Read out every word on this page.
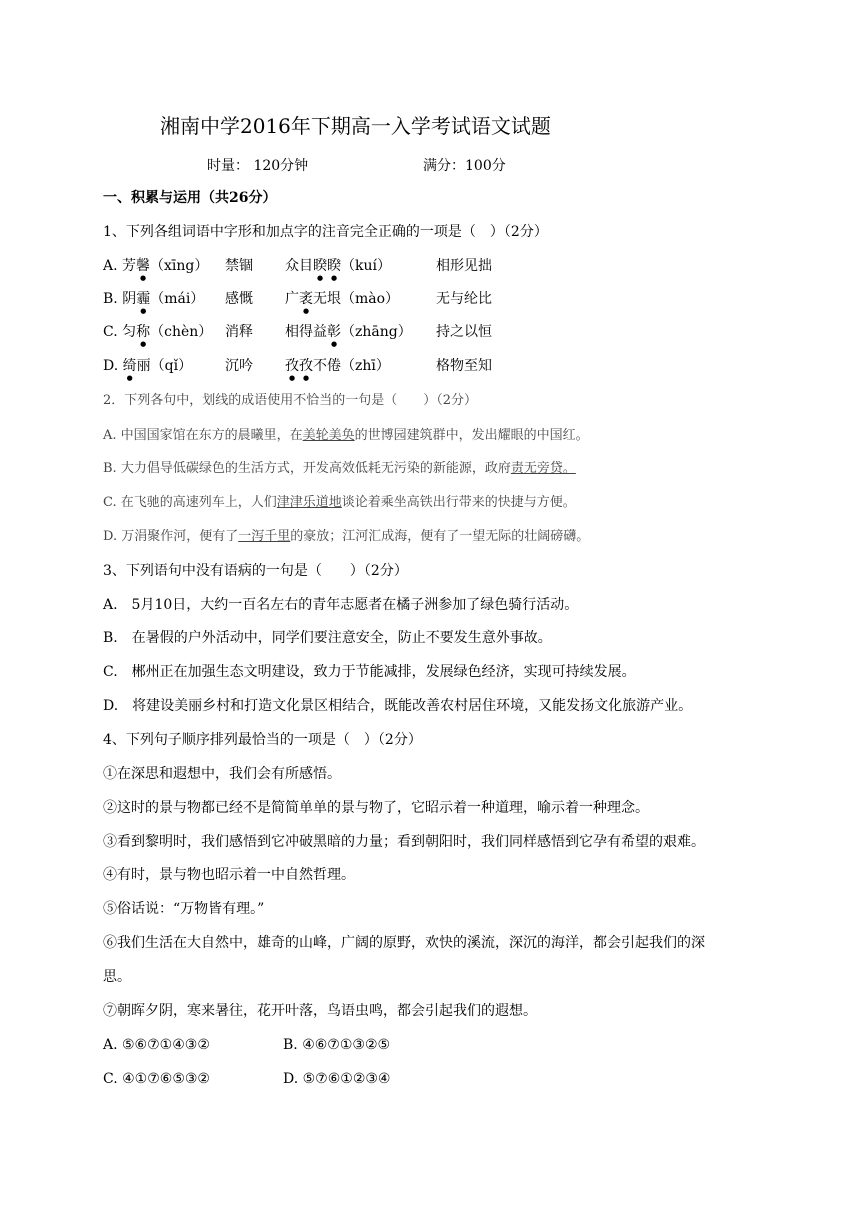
湘南中学2016年下期高一入学考试语文试题
时量： 120分钟	满分：100分
一、积累与运用（共26分）
1、下列各组词语中字形和加点字的注音完全正确的一项是（　）（2分）
A. 芳馨（xīng） 禁锢 众目睽睽（kuí）	相形见拙
B. 阴霾（mái） 感慨 广袤无垠（mào）	无与纶比
C. 匀称（chèn） 消释 相得益彰（zhāng） 持之以恒
D. 绮丽（qǐ） 沉吟 孜孜不倦（zhī）	格物至知
2．下列各句中，划线的成语使用不恰当的一句是（　　）（2分）
A. 中国国家馆在东方的晨曦里，在美轮美奂的世博园建筑群中，发出耀眼的中国红。
B. 大力倡导低碳绿色的生活方式，开发高效低耗无污染的新能源，政府责无旁贷。
C. 在飞驰的高速列车上，人们津津乐道地谈论着乘坐高铁出行带来的快捷与方便。
D. 万涓聚作河，便有了一泻千里的豪放；江河汇成海，便有了一望无际的壮阔磅礴。
3、下列语句中没有语病的一句是（　　）（2分）
A.　5月10日，大约一百名左右的青年志愿者在橘子洲参加了绿色骑行活动。
B.　在暑假的户外活动中，同学们要注意安全，防止不要发生意外事故。
C.　郴州正在加强生态文明建设，致力于节能减排，发展绿色经济，实现可持续发展。
D.　将建设美丽乡村和打造文化景区相结合，既能改善农村居住环境，又能发扬文化旅游产业。
4、下列句子顺序排列最恰当的一项是（　）（2分）
①在深思和遐想中，我们会有所感悟。
②这时的景与物都已经不是简简单单的景与物了，它昭示着一种道理，喻示着一种理念。
③看到黎明时，我们感悟到它冲破黑暗的力量；看到朝阳时，我们同样感悟到它孕有希望的艰难。
④有时，景与物也昭示着一中自然哲理。
⑤俗话说：“万物皆有理。”
⑥我们生活在大自然中，雄奇的山峰，广阔的原野，欢快的溪流，深沉的海洋，都会引起我们的深
思。
⑦朝晖夕阴，寒来暑往，花开叶落，鸟语虫鸣，都会引起我们的遐想。
A. ⑤⑥⑦①④③②	B. ④⑥⑦①③②⑤
C. ④①⑦⑥⑤③②	D. ⑤⑦⑥①②③④
